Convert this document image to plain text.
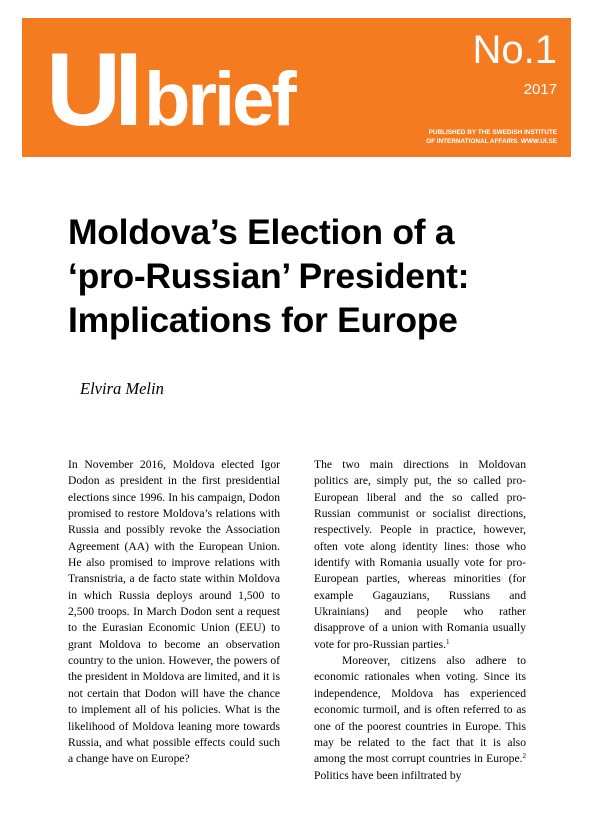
UI brief
No.1
2017
PUBLISHED BY THE SWEDISH INSTITUTE
OF INTERNATIONAL AFFAIRS. WWW.UI.SE
Moldova’s Election of a
‘pro-Russian’ President:
Implications for Europe
Elvira Melin

In November 2016, Moldova elected Igor Dodon as president in the first presidential elections since 1996. In his campaign, Dodon promised to restore Moldova’s relations with Russia and possibly revoke the Association Agreement (AA) with the European Union. He also promised to improve relations with Transnistria, a de facto state within Moldova in which Russia deploys around 1,500 to 2,500 troops. In March Dodon sent a request to the Eurasian Economic Union (EEU) to grant Moldova to become an observation country to the union. However, the powers of the president in Moldova are limited, and it is not certain that Dodon will have the chance to implement all of his policies. What is the likelihood of Moldova leaning more towards Russia, and what possible effects could such a change have on Europe?

The two main directions in Moldovan politics are, simply put, the so called pro-European liberal and the so called pro-Russian communist or socialist directions, respectively. People in practice, however, often vote along identity lines: those who identify with Romania usually vote for pro-European parties, whereas minorities (for example Gagauzians, Russians and Ukrainians) and people who rather disapprove of a union with Romania usually vote for pro-Russian parties.$^1$

Moreover, citizens also adhere to economic rationales when voting. Since its independence, Moldova has experienced economic turmoil, and is often referred to as one of the poorest countries in Europe. This may be related to the fact that it is also among the most corrupt countries in Europe.$^2$ Politics have been infiltrated by
